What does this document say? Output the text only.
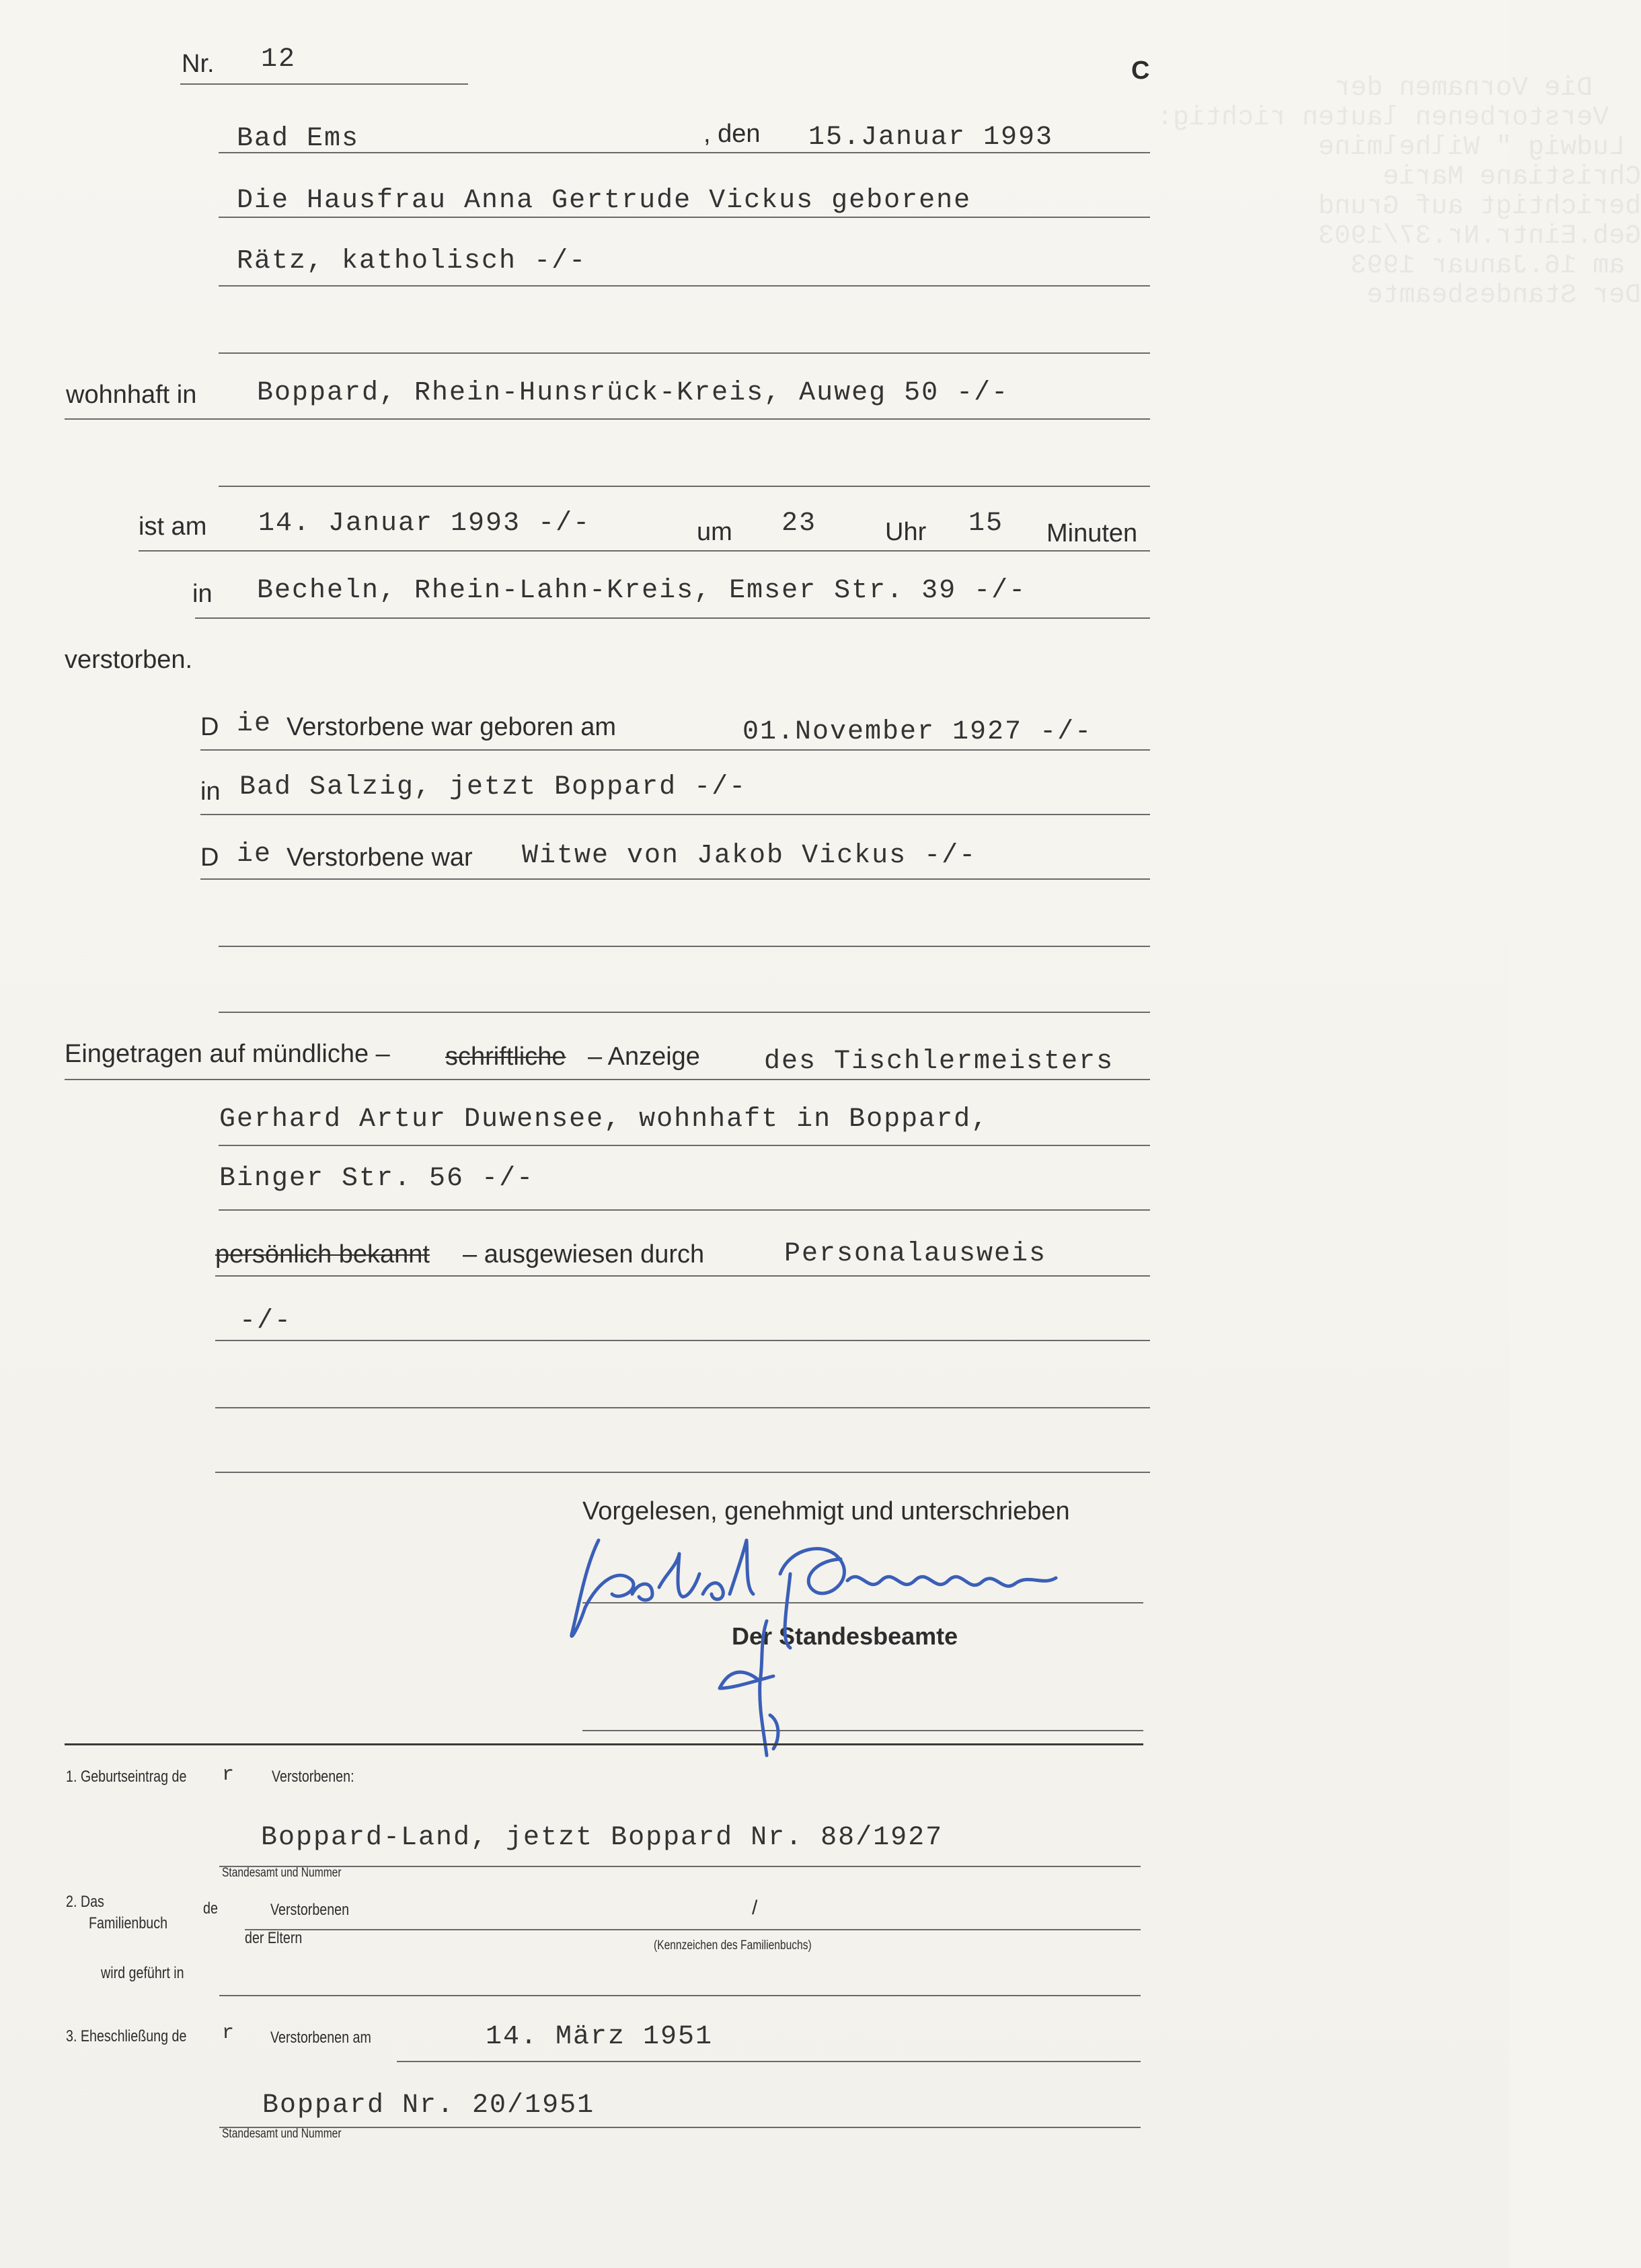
Die Vornamen der
Verstorbenen lauten richtig:
Ludwig " Wilhelmine
Christiane Marie
berichtigt auf Grund
Geb.Eintr.Nr.37/1903
am 16.Januar 1993
Der Standesbeamte
Nr. 12	C
Bad Ems	, den 15.Januar 1993
Die Hausfrau Anna Gertrude Vickus geborene
Rätz, katholisch -/-
wohnhaft in Boppard, Rhein-Hunsrück-Kreis, Auweg 50 -/-
ist am 14. Januar 1993 -/-	um 23	Uhr 15 Minuten
in Becheln, Rhein-Lahn-Kreis, Emser Str. 39 -/-
verstorben.
D ie Verstorbene war geboren am	01.November 1927 -/-
in Bad Salzig, jetzt Boppard -/-
D ie Verstorbene war Witwe von Jakob Vickus -/-
Eingetragen auf mündliche – schriftliche – Anzeige des Tischlermeisters
Gerhard Artur Duwensee, wohnhaft in Boppard,
Binger Str. 56 -/-
persönlich bekannt – ausgewiesen durch	Personalausweis
-/-
Vorgelesen, genehmigt und unterschrieben
Der Standesbeamte
1. Geburtseintrag de r Verstorbenen:
Boppard-Land, jetzt Boppard Nr. 88/1927
Standesamt und Nummer
2. Das
Familienbuch
de	Verstorbenen	/
(Kennzeichen des Familienbuchs)
der Eltern
wird geführt in
3. Eheschließung de r Verstorbenen am	14. März 1951
Boppard Nr. 20/1951
Standesamt und Nummer
